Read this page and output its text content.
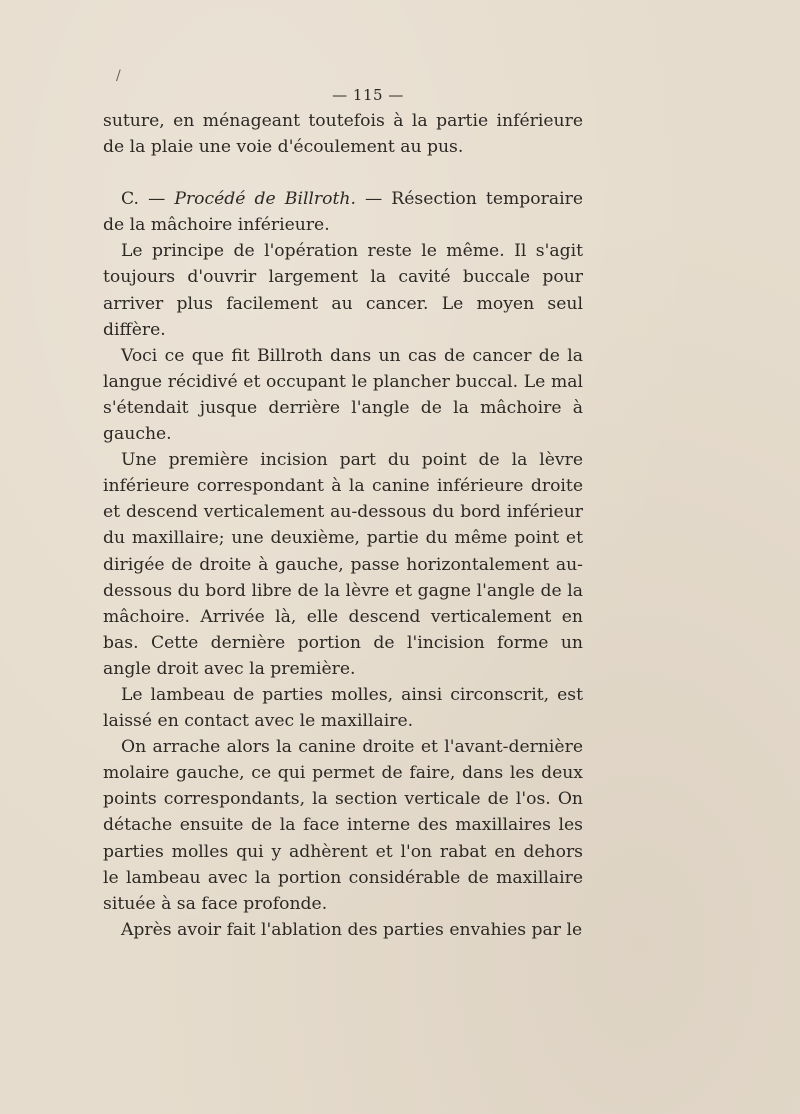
/
— 115 —

suture, en ménageant toutefois à la partie inférieure de la plaie une voie d'écoulement au pus.

C. — Procédé de Billroth. — Résection temporaire de la mâchoire inférieure.

Le principe de l'opération reste le même. Il s'agit toujours d'ouvrir largement la cavité buccale pour arriver plus facilement au cancer. Le moyen seul diffère.

Voci ce que fit Billroth dans un cas de cancer de la langue récidivé et occupant le plancher buccal. Le mal s'étendait jusque derrière l'angle de la mâchoire à gauche.

Une première incision part du point de la lèvre inférieure correspondant à la canine inférieure droite et descend verticalement au-dessous du bord inférieur du maxillaire; une deuxième, partie du même point et dirigée de droite à gauche, passe horizontalement au-dessous du bord libre de la lèvre et gagne l'angle de la mâchoire. Arrivée là, elle descend verticalement en bas. Cette dernière portion de l'incision forme un angle droit avec la première.

Le lambeau de parties molles, ainsi circonscrit, est laissé en contact avec le maxillaire.

On arrache alors la canine droite et l'avant-dernière molaire gauche, ce qui permet de faire, dans les deux points correspondants, la section verticale de l'os. On détache ensuite de la face interne des maxillaires les parties molles qui y adhèrent et l'on rabat en dehors le lambeau avec la portion considérable de maxillaire située à sa face profonde.

Après avoir fait l'ablation des parties envahies par le
